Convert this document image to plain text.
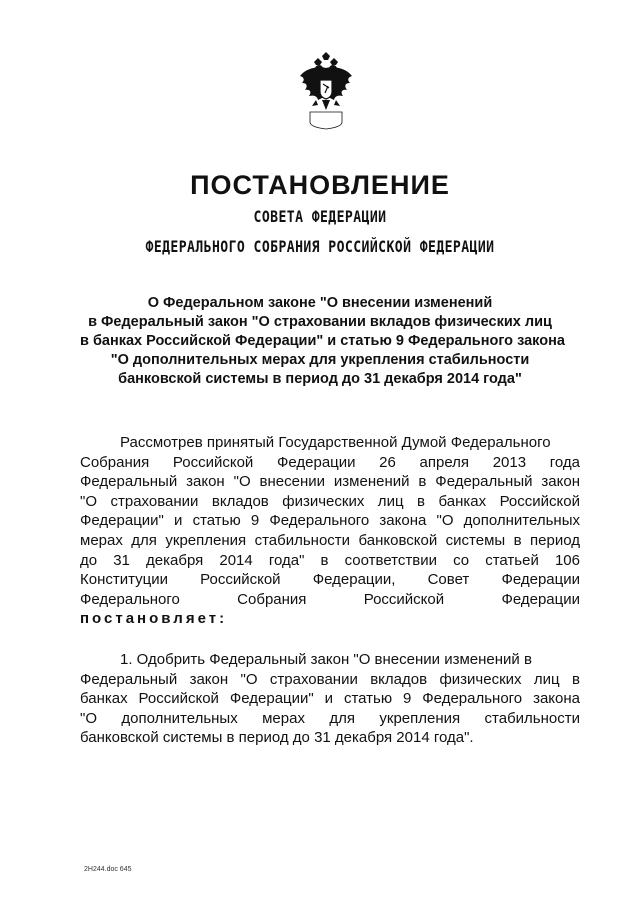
ПОСТАНОВЛЕНИЕ
СОВЕТА ФЕДЕРАЦИИ
ФЕДЕРАЛЬНОГО СОБРАНИЯ РОССИЙСКОЙ ФЕДЕРАЦИИ
О Федеральном законе "О внесении изменений
в Федеральный закон "О страховании вкладов физических лиц
в банках Российской Федерации" и статью 9 Федерального закона
"О дополнительных мерах для укрепления стабильности
банковской системы в период до 31 декабря 2014 года"
Рассмотрев принятый Государственной Думой Федерального
Собрания Российской Федерации 26 апреля 2013 года
Федеральный закон "О внесении изменений в Федеральный закон
"О страховании вкладов физических лиц в банках Российской
Федерации" и статью 9 Федерального закона "О дополнительных
мерах для укрепления стабильности банковской системы в период
до 31 декабря 2014 года" в соответствии со статьей 106
Конституции Российской Федерации, Совет Федерации
Федерального Собрания Российской Федерации
постановляет:
1. Одобрить Федеральный закон "О внесении изменений в
Федеральный закон "О страховании вкладов физических лиц в
банках Российской Федерации" и статью 9 Федерального закона
"О дополнительных мерах для укрепления стабильности
банковской системы в период до 31 декабря 2014 года".
2H244.doc 645
